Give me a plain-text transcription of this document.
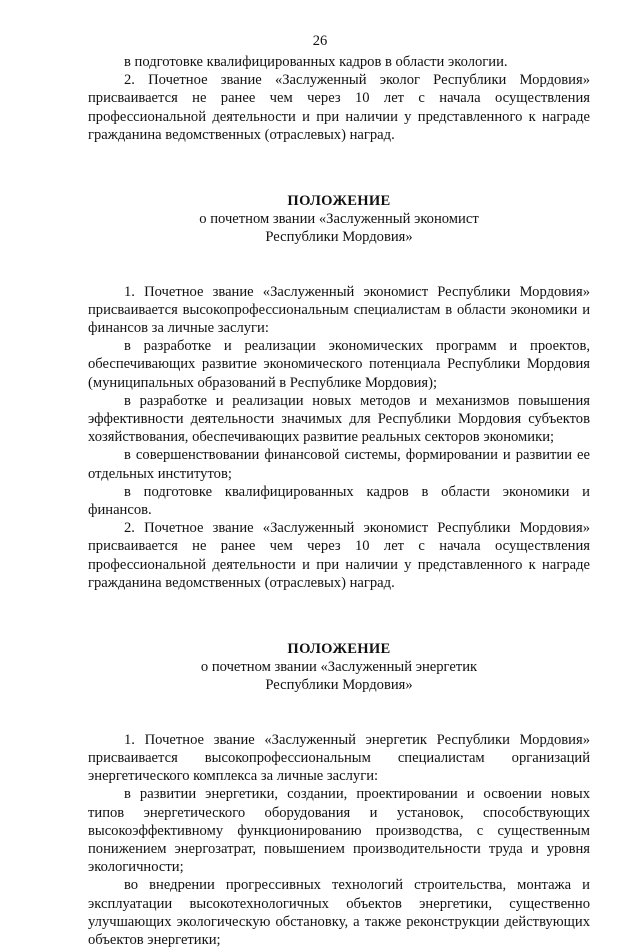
26

в подготовке квалифицированных кадров в области экологии.

2. Почетное звание «Заслуженный эколог Республики Мордовия» присваивается не ранее чем через 10 лет с начала осуществления профессиональной деятельности и при наличии у представленного к награде гражданина ведомственных (отраслевых) наград.

ПОЛОЖЕНИЕ

о почетном звании «Заслуженный экономист

Республики Мордовия»

1. Почетное звание «Заслуженный экономист Республики Мордовия» присваивается высокопрофессиональным специалистам в области экономики и финансов за личные заслуги:

в разработке и реализации экономических программ и проектов, обеспечивающих развитие экономического потенциала Республики Мордовия (муниципальных образований в Республике Мордовия);

в разработке и реализации новых методов и механизмов повышения эффективности деятельности значимых для Республики Мордовия субъектов хозяйствования, обеспечивающих развитие реальных секторов экономики;

в совершенствовании финансовой системы, формировании и развитии ее отдельных институтов;

в подготовке квалифицированных кадров в области экономики и финансов.

2. Почетное звание «Заслуженный экономист Республики Мордовия» присваивается не ранее чем через 10 лет с начала осуществления профессиональной деятельности и при наличии у представленного к награде гражданина ведомственных (отраслевых) наград.

ПОЛОЖЕНИЕ

о почетном звании «Заслуженный энергетик

Республики Мордовия»

1. Почетное звание «Заслуженный энергетик Республики Мордовия» присваивается высокопрофессиональным специалистам организаций энергетического комплекса за личные заслуги:

в развитии энергетики, создании, проектировании и освоении новых типов энергетического оборудования и установок, способствующих высокоэффективному функционированию производства, с существенным понижением энергозатрат, повышением производительности труда и уровня экологичности;

во внедрении прогрессивных технологий строительства, монтажа и эксплуатации высокотехнологичных объектов энергетики, существенно улучшающих экологическую обстановку, а также реконструкции действующих объектов энергетики;
